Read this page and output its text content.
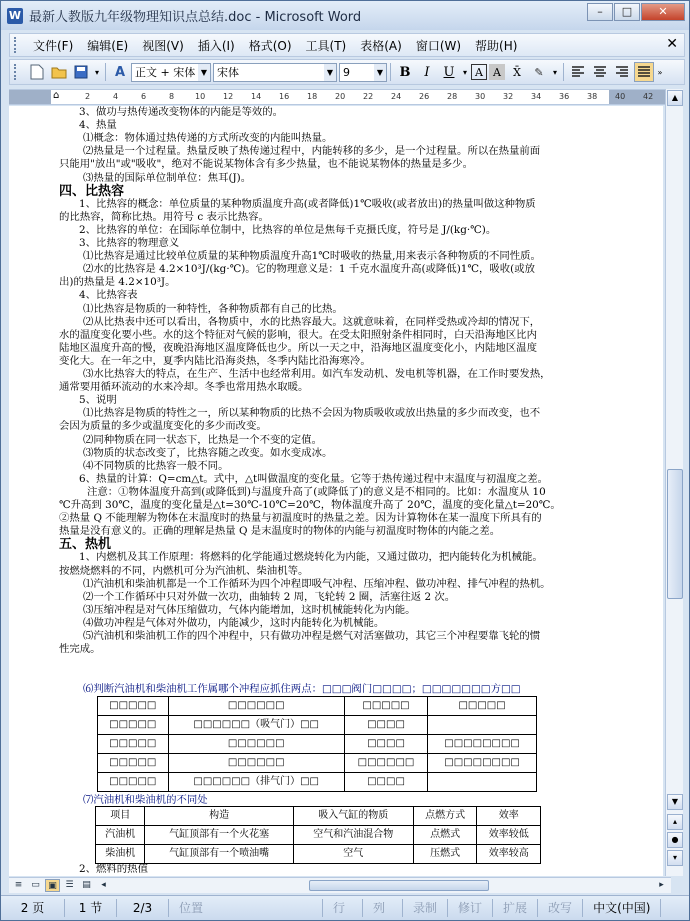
W 最新人教版九年级物理知识点总结.doc - Microsoft Word	–	□	✕
文件(F)	编辑(E)	视图(V)	插入(I)	格式(O)	工具(T)	表格(A)	窗口(W)	帮助(H)	✕
▾	A 正文 + 宋体 ▼ 宋体	▼ 9	▼	B	I	U	▾ A A	X̄	✎	▾	»
⌂	2	4	6	8	10 12 14 16 18 20 22 24 26 28 30 32 34 36 38 40 42
3、做功与热传递改变物体的内能是等效的。
4、热量
⑴概念：物体通过热传递的方式所改变的内能叫热量。
⑵热量是一个过程量。热量反映了热传递过程中，内能转移的多少，是一个过程量。所以在热量前面
只能用"放出"或"吸收"，绝对不能说某物体含有多少热量，也不能说某物体的热量是多少。
⑶热量的国际单位制单位：焦耳(J)。
四、比热容
1、比热容的概念：单位质量的某种物质温度升高(或者降低)1℃吸收(或者放出)的热量叫做这种物质
的比热容，简称比热。用符号 c 表示比热容。
2、比热容的单位：在国际单位制中，比热容的单位是焦每千克摄氏度，符号是 J/(kg·℃)。
3、比热容的物理意义
⑴比热容是通过比较单位质量的某种物质温度升高1℃时吸收的热量,用来表示各种物质的不同性质。
⑵水的比热容是 4.2×10³J/(kg·℃)。它的物理意义是：1 千克水温度升高(或降低)1℃，吸收(或放
出)的热量是 4.2×10³J。
4、比热容表
⑴比热容是物质的一种特性，各种物质都有自己的比热。
⑵从比热表中还可以看出，各物质中，水的比热容最大。这就意味着，在同样受热或冷却的情况下，
水的温度变化要小些。水的这个特征对气候的影响，很大。在受太阳照射条件相同时，白天沿海地区比内
陆地区温度升高的慢，夜晚沿海地区温度降低也少。所以一天之中，沿海地区温度变化小，内陆地区温度
变化大。在一年之中，夏季内陆比沿海炎热，冬季内陆比沿海寒冷。
⑶水比热容大的特点，在生产、生活中也经常利用。如汽车发动机、发电机等机器，在工作时要发热，
通常要用循环流动的水来冷却。冬季也常用热水取暖。
5、说明
⑴比热容是物质的特性之一，所以某种物质的比热不会因为物质吸收或放出热量的多少而改变，也不
会因为质量的多少或温度变化的多少而改变。
⑵同种物质在同一状态下，比热是一个不变的定值。
⑶物质的状态改变了，比热容随之改变。如水变成冰。
⑷不同物质的比热容一般不同。
6、热量的计算：Q=cm△t。式中，△t叫做温度的变化量。它等于热传递过程中末温度与初温度之差。
注意：①物体温度升高到(或降低到)与温度升高了(或降低了)的意义是不相同的。比如：水温度从 10
℃升高到 30℃，温度的变化量是△t=30℃-10℃=20℃，物体温度升高了 20℃，温度的变化量△t=20℃。
②热量 Q 不能理解为物体在末温度时的热量与初温度时的热量之差。因为计算物体在某一温度下所具有的
热量是没有意义的。正确的理解是热量 Q 是末温度时的物体的内能与初温度时物体的内能之差。
五、热机
1、内燃机及其工作原理：将燃料的化学能通过燃烧转化为内能，又通过做功，把内能转化为机械能。
按燃烧燃料的不同，内燃机可分为汽油机、柴油机等。
⑴汽油机和柴油机都是一个工作循环为四个冲程即吸气冲程、压缩冲程、做功冲程、排气冲程的热机。
⑵一个工作循环中只对外做一次功，曲轴转 2 周，飞轮转 2 圈，活塞往返 2 次。
⑶压缩冲程是对气体压缩做功，气体内能增加，这时机械能转化为内能。
⑷做功冲程是气体对外做功，内能减少，这时内能转化为机械能。
⑸汽油机和柴油机工作的四个冲程中，只有做功冲程是燃气对活塞做功，其它三个冲程要靠飞轮的惯
性完成。
⑹判断汽油机和柴油机工作属哪个冲程应抓住两点：□□□阀门□□□□；□□□□□□□方□□
□□□□□	□□□□□□	□□□□□	□□□□□
□□□□□	□□□□□□（吸气门）□□	□□□□	
□□□□□	□□□□□□	□□□□	□□□□□□□□
□□□□□	□□□□□□	□□□□□□	□□□□□□□□
□□□□□	□□□□□□（排气门）□□	□□□□	
⑺汽油机和柴油机的不同处
项目	构造	吸入气缸的物质	点燃方式	效率
汽油机	气缸顶部有一个火花塞	空气和汽油混合物	点燃式	效率较低
柴油机	气缸顶部有一个喷油嘴	空气	压燃式	效率较高
2、燃料的热值
▲
▼
▴
●
▾
≡ ▭ ▣ ☰ ▤	◂	▸
2 页	1 节	2/3	位置	行	列	录制	修订	扩展	改写	中文(中国)
